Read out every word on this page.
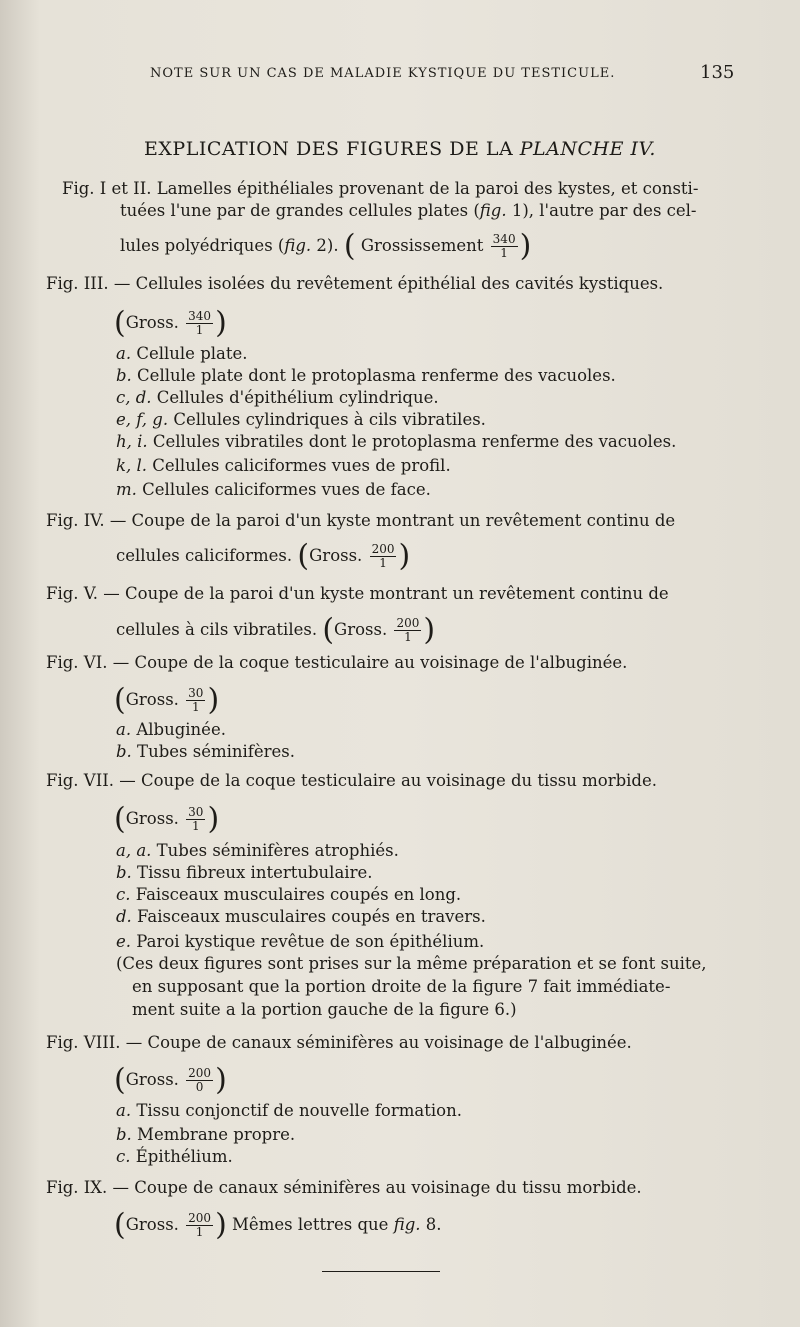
NOTE SUR UN CAS DE MALADIE KYSTIQUE DU TESTICULE.	135
EXPLICATION DES FIGURES DE LA PLANCHE IV.
Fig. I et II. Lamelles épithéliales provenant de la paroi des kystes, et consti-
tuées l'une par de grandes cellules plates (fig. 1), l'autre par des cel-
lules polyédriques (fig. 2). ( Grossissement $\frac{340}{1}$ )
Fig. III. — Cellules isolées du revêtement épithélial des cavités kystiques.
(Gross. $\frac{340}{1}$ )
a. Cellule plate.
b. Cellule plate dont le protoplasma renferme des vacuoles.
c, d. Cellules d'épithélium cylindrique.
e, f, g. Cellules cylindriques à cils vibratiles.
h, i. Cellules vibratiles dont le protoplasma renferme des vacuoles.
k, l. Cellules caliciformes vues de profil.
m. Cellules caliciformes vues de face.
Fig. IV. — Coupe de la paroi d'un kyste montrant un revêtement continu de
cellules caliciformes. (Gross. $\frac{200}{1}$ )
Fig. V. — Coupe de la paroi d'un kyste montrant un revêtement continu de
cellules à cils vibratiles. (Gross. $\frac{200}{1}$ )
Fig. VI. — Coupe de la coque testiculaire au voisinage de l'albuginée.
(Gross. $\frac{30}{1}$ )
a. Albuginée.
b. Tubes séminifères.
Fig. VII. — Coupe de la coque testiculaire au voisinage du tissu morbide.
(Gross. $\frac{30}{1}$ )
a, a. Tubes séminifères atrophiés.
b. Tissu fibreux intertubulaire.
c. Faisceaux musculaires coupés en long.
d. Faisceaux musculaires coupés en travers.
e. Paroi kystique revêtue de son épithélium.
(Ces deux figures sont prises sur la même préparation et se font suite,
en supposant que la portion droite de la figure 7 fait immédiate-
ment suite a la portion gauche de la figure 6.)
Fig. VIII. — Coupe de canaux séminifères au voisinage de l'albuginée.
(Gross. $\frac{200}{0}$ )
a. Tissu conjonctif de nouvelle formation.
b. Membrane propre.
c. Épithélium.
Fig. IX. — Coupe de canaux séminifères au voisinage du tissu morbide.
(Gross. $\frac{200}{1}$ ) Mêmes lettres que fig. 8.
